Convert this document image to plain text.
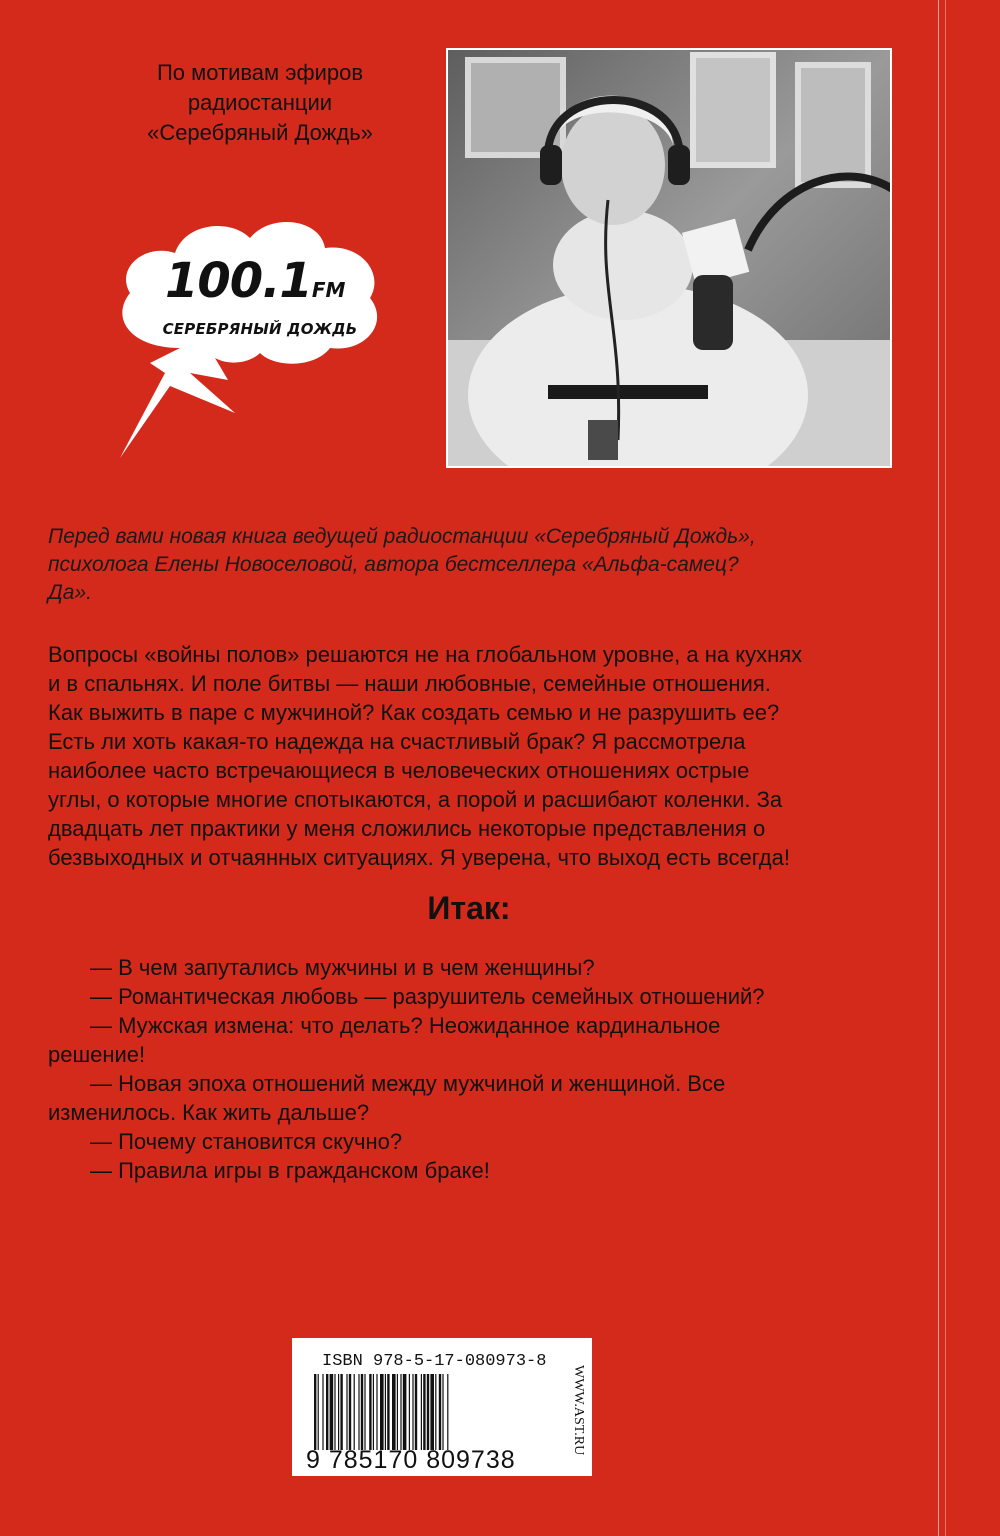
По мотивам эфиров
радиостанции
«Серебряный Дождь»
100.1FM
СЕРЕБРЯНЫЙ ДОЖДЬ
Перед вами новая книга ведущей радиостанции «Серебряный Дождь»,
психолога Елены Новоселовой, автора бестселлера «Альфа-самец?
Да».
Вопросы «войны полов» решаются не на глобальном уровне, а на кухнях
и в спальнях. И поле битвы — наши любовные, семейные отношения.
Как выжить в паре с мужчиной? Как создать семью и не разрушить ее?
Есть ли хоть какая-то надежда на счастливый брак? Я рассмотрела
наиболее часто встречающиеся в человеческих отношениях острые
углы, о которые многие спотыкаются, а порой и расшибают коленки. За
двадцать лет практики у меня сложились некоторые представления о
безвыходных и отчаянных ситуациях. Я уверена, что выход есть всегда!
Итак:
— В чем запутались мужчины и в чем женщины?
— Романтическая любовь — разрушитель семейных отношений?
— Мужская измена: что делать? Неожиданное кардинальное
решение!
— Новая эпоха отношений между мужчиной и женщиной. Все
изменилось. Как жить дальше?
— Почему становится скучно?
— Правила игры в гражданском браке!
ISBN 978-5-17-080973-8
9 785170 809738
WWW.AST.RU
